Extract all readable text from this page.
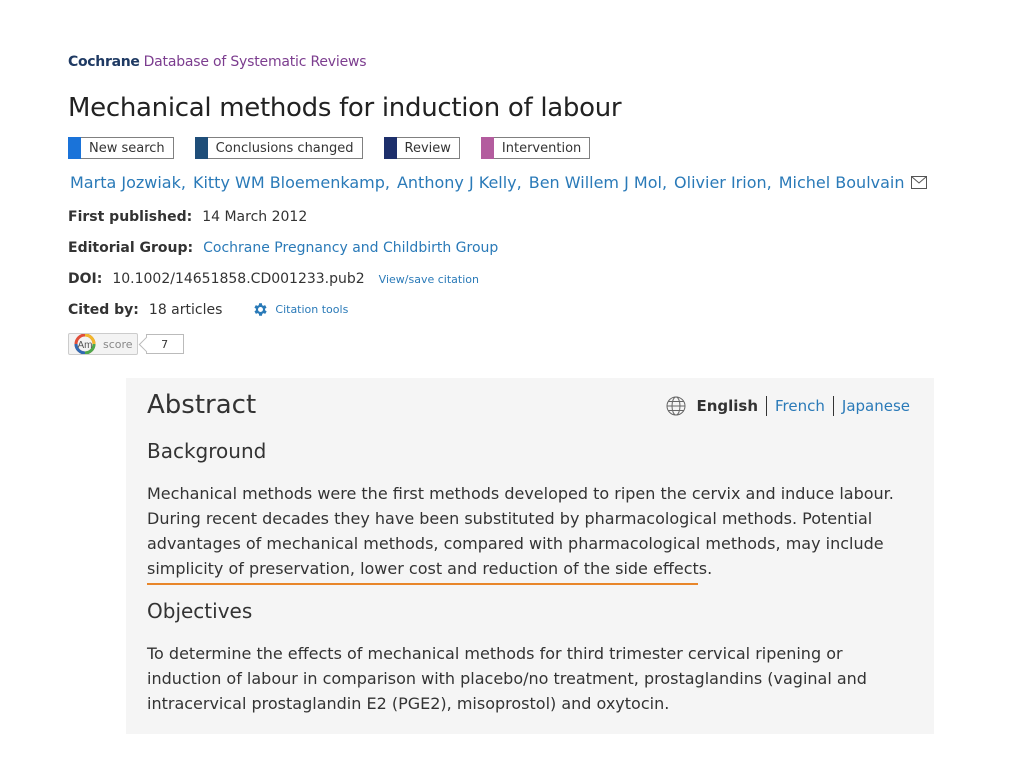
Cochrane Database of Systematic Reviews
Mechanical methods for induction of labour
New search	Conclusions changed	Review	Intervention
Marta Jozwiak , Kitty WM Bloemenkamp , Anthony J Kelly , Ben Willem J Mol , Olivier Irion , Michel Boulvain
First published: 14 March 2012
Editorial Group: Cochrane Pregnancy and Childbirth Group
DOI: 10.1002/14651858.CD001233.pub2 View/save citation
Cited by: 18 articles	Citation tools
Am score	7
Abstract	English French Japanese
Background

Mechanical methods were the first methods developed to ripen the cervix and induce labour. During recent decades they have been substituted by pharmacological methods. Potential advantages of mechanical methods, compared with pharmacological methods, may include simplicity of preservation, lower cost and reduction of the side effects.

Objectives

To determine the effects of mechanical methods for third trimester cervical ripening or induction of labour in comparison with placebo/no treatment, prostaglandins (vaginal and intracervical prostaglandin E2 (PGE2), misoprostol) and oxytocin.
